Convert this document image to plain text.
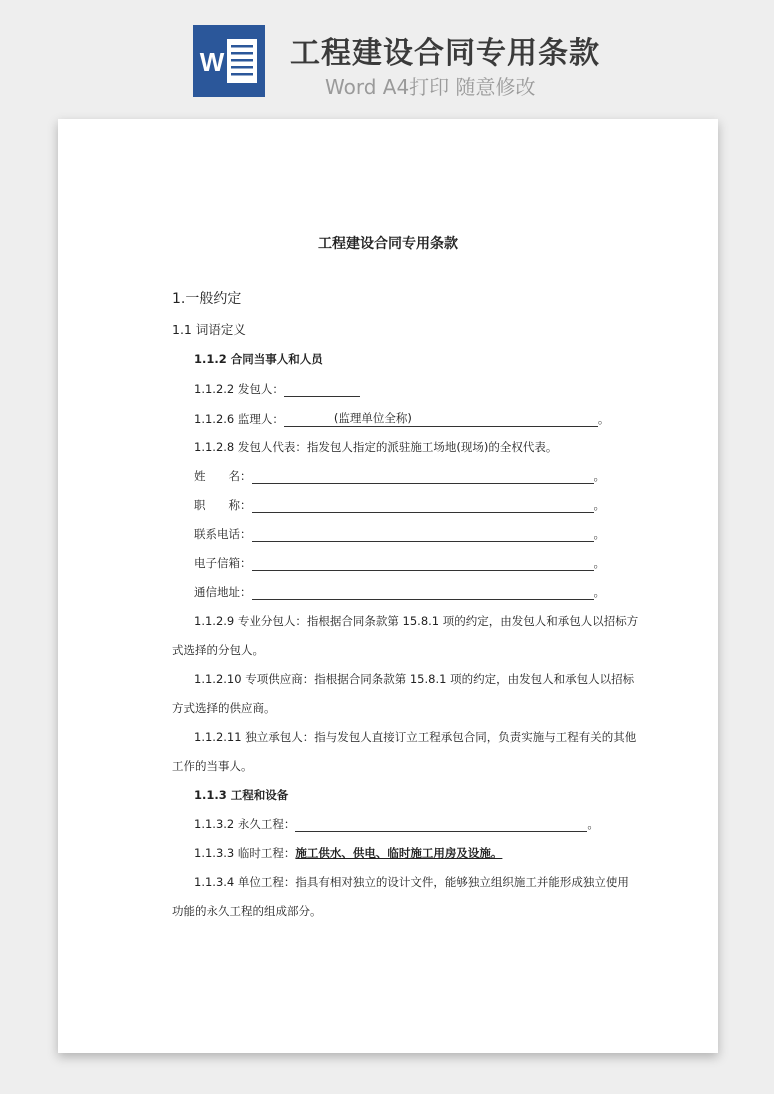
W 工程建设合同专用条款
Word A4打印 随意修改
工程建设合同专用条款
1.一般约定
1.1 词语定义
1.1.2 合同当事人和人员
1.1.2.2 发包人：
1.1.2.6 监理人：	(监理单位全称)	。
1.1.2.8 发包人代表：指发包人指定的派驻施工场地(现场)的全权代表。
姓　　名：	。
职　　称：	。
联系电话：	。
电子信箱：	。
通信地址：	。
1.1.2.9 专业分包人：指根据合同条款第 15.8.1 项的约定，由发包人和承包人以招标方
式选择的分包人。
1.1.2.10 专项供应商：指根据合同条款第 15.8.1 项的约定，由发包人和承包人以招标
方式选择的供应商。
1.1.2.11 独立承包人：指与发包人直接订立工程承包合同，负责实施与工程有关的其他
工作的当事人。
1.1.3 工程和设备
1.1.3.2 永久工程：	。
1.1.3.3 临时工程：施工供水、供电、临时施工用房及设施。
1.1.3.4 单位工程：指具有相对独立的设计文件，能够独立组织施工并能形成独立使用
功能的永久工程的组成部分。
